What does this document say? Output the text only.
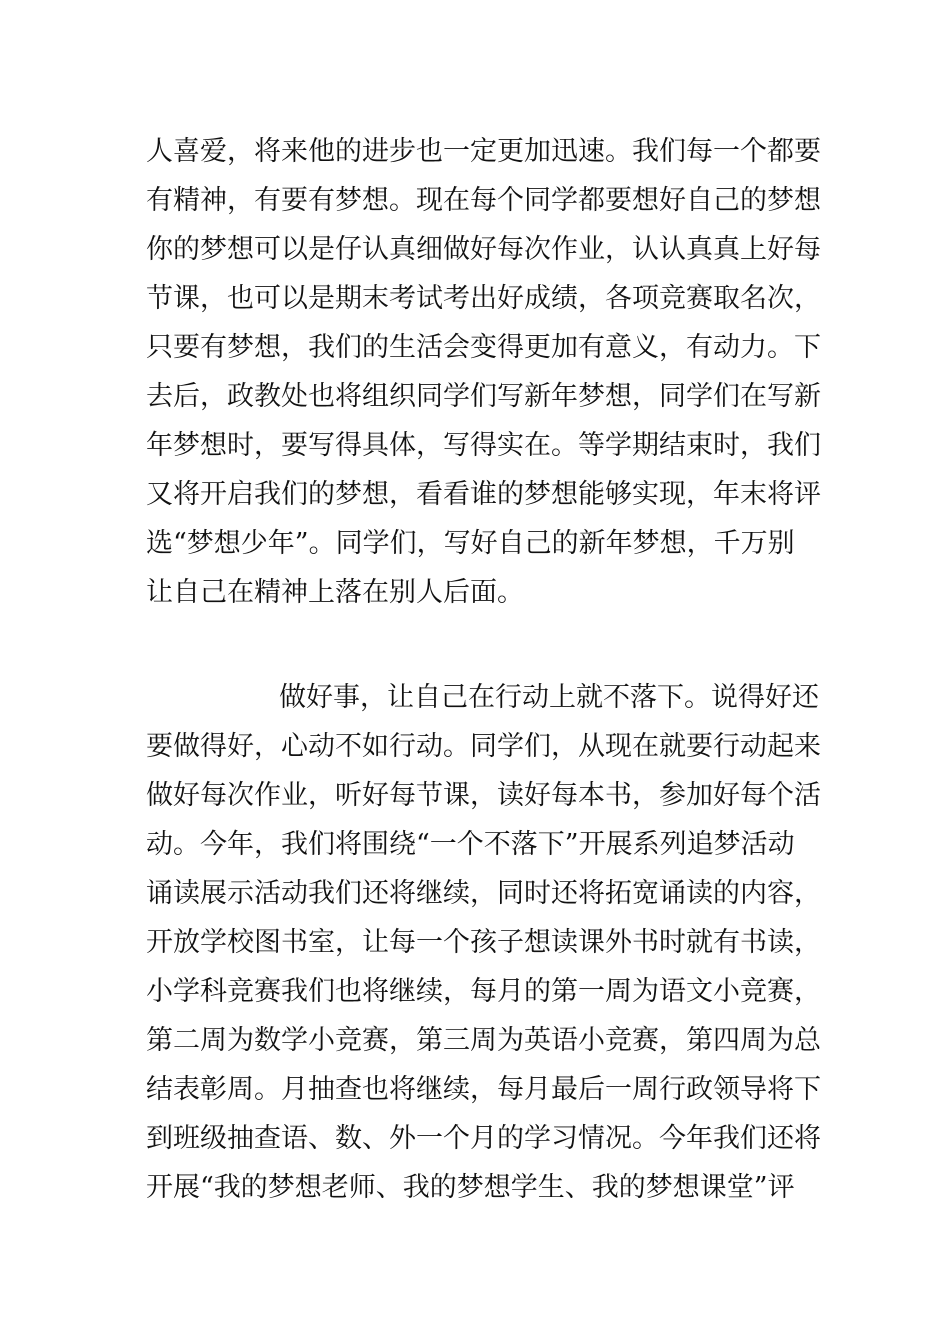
人喜爱，将来他的进步也一定更加迅速。我们每一个都要
有精神，有要有梦想。现在每个同学都要想好自己的梦想
你的梦想可以是仔认真细做好每次作业，认认真真上好每
节课，也可以是期末考试考出好成绩，各项竞赛取名次，
只要有梦想，我们的生活会变得更加有意义，有动力。下
去后，政教处也将组织同学们写新年梦想，同学们在写新
年梦想时，要写得具体，写得实在。等学期结束时，我们
又将开启我们的梦想，看看谁的梦想能够实现，年末将评
选“梦想少年”。同学们，写好自己的新年梦想，千万别
让自己在精神上落在别人后面。
做好事，让自己在行动上就不落下。说得好还
要做得好，心动不如行动。同学们，从现在就要行动起来
做好每次作业，听好每节课，读好每本书，参加好每个活
动。今年，我们将围绕“一个不落下”开展系列追梦活动
诵读展示活动我们还将继续，同时还将拓宽诵读的内容，
开放学校图书室，让每一个孩子想读课外书时就有书读，
小学科竞赛我们也将继续，每月的第一周为语文小竞赛，
第二周为数学小竞赛，第三周为英语小竞赛，第四周为总
结表彰周。月抽查也将继续，每月最后一周行政领导将下
到班级抽查语、数、外一个月的学习情况。今年我们还将
开展“我的梦想老师、我的梦想学生、我的梦想课堂”评
